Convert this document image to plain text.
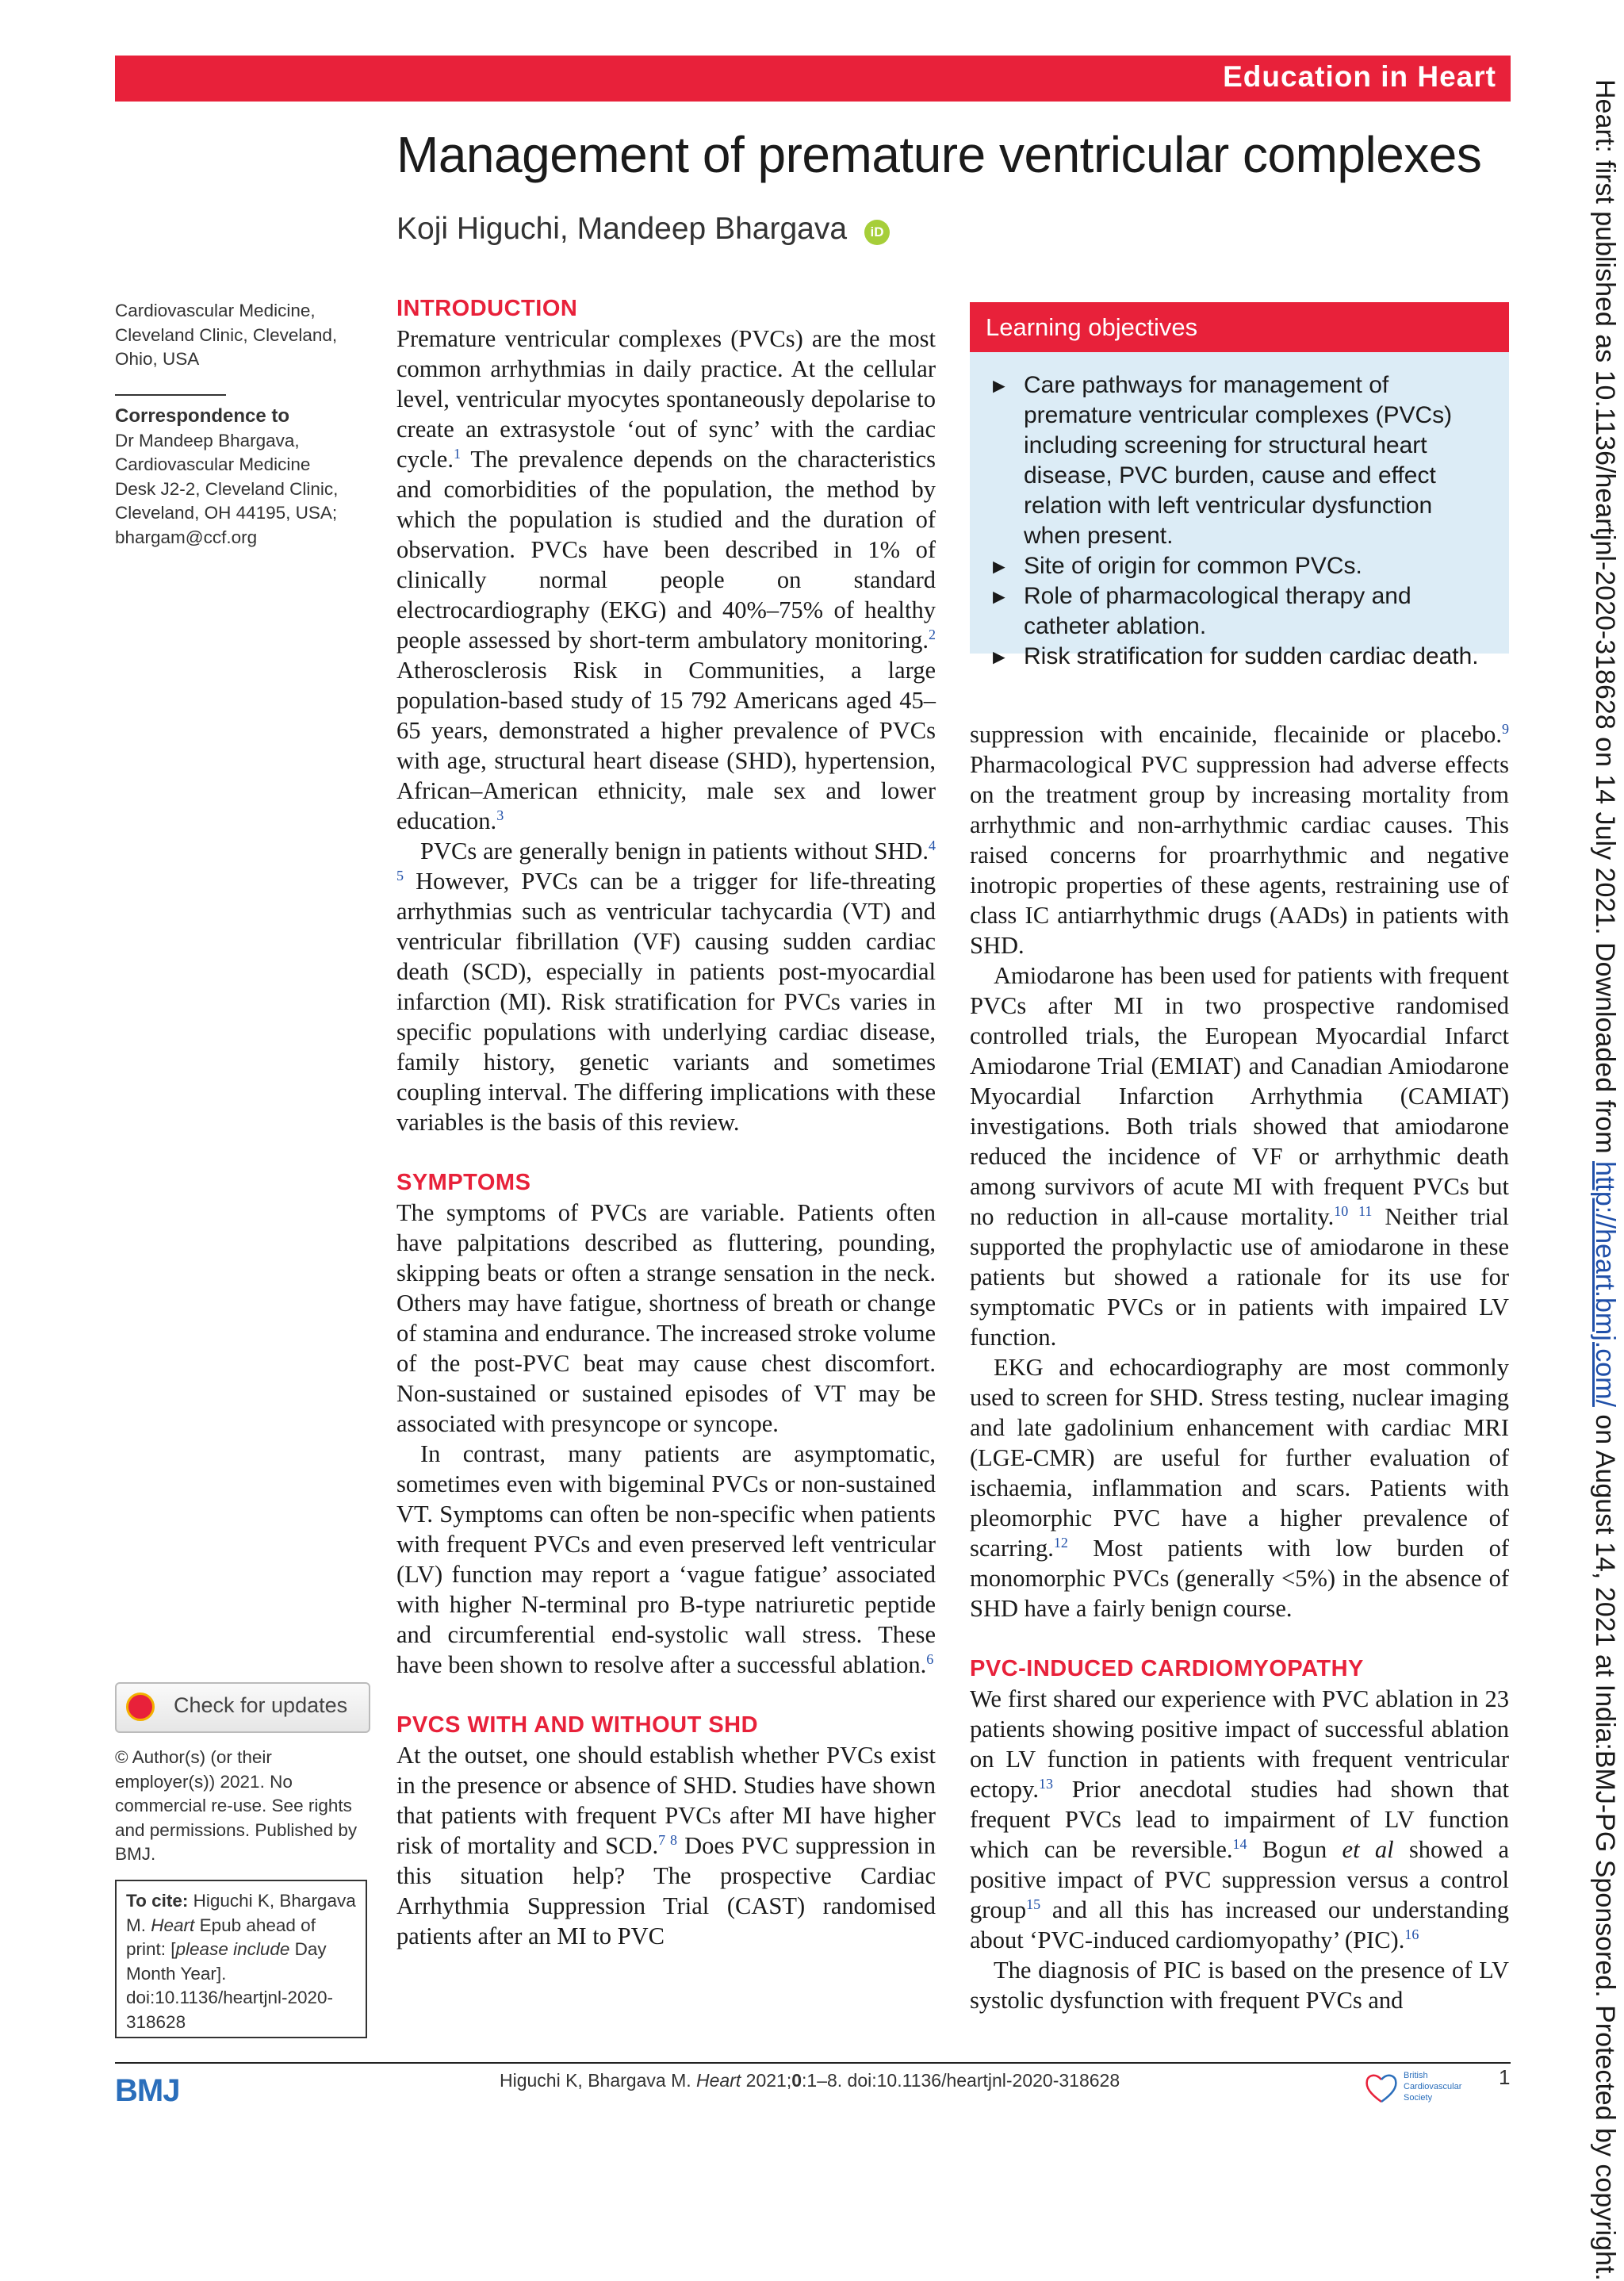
Education in Heart
Management of premature ventricular complexes
Koji Higuchi, Mandeep Bhargava iD
Cardiovascular Medicine, Cleveland Clinic, Cleveland, Ohio, USA
Correspondence to
Dr Mandeep Bhargava, Cardiovascular Medicine Desk J2-2, Cleveland Clinic, Cleveland, OH 44195, USA; bhargam@ccf.org
Check for updates
© Author(s) (or their employer(s)) 2021. No commercial re-use. See rights and permissions. Published by BMJ.
To cite: Higuchi K, Bhargava M. Heart Epub ahead of print: [please include Day Month Year]. doi:10.1136/heartjnl-2020-318628
INTRODUCTION

Premature ventricular complexes (PVCs) are the most common arrhythmias in daily practice. At the cellular level, ventricular myocytes spontaneously depolarise to create an extrasystole ‘out of sync’ with the cardiac cycle.$^1$ The prevalence depends on the characteristics and comorbidities of the population, the method by which the population is studied and the duration of observation. PVCs have been described in 1% of clinically normal people on standard electrocardiography (EKG) and 40%–75% of healthy people assessed by short-term ambulatory monitoring.$^2$ Atherosclerosis Risk in Communities, a large population-based study of 15 792 Americans aged 45–65 years, demonstrated a higher prevalence of PVCs with age, structural heart disease (SHD), hypertension, African–American ethnicity, male sex and lower education.$^3$

PVCs are generally benign in patients without SHD.$^{4 5}$ However, PVCs can be a trigger for life-threating arrhythmias such as ventricular tachycardia (VT) and ventricular fibrillation (VF) causing sudden cardiac death (SCD), especially in patients post-myocardial infarction (MI). Risk stratification for PVCs varies in specific populations with underlying cardiac disease, family history, genetic variants and sometimes coupling interval. The differing implications with these variables is the basis of this review.

SYMPTOMS

The symptoms of PVCs are variable. Patients often have palpitations described as fluttering, pounding, skipping beats or often a strange sensation in the neck. Others may have fatigue, shortness of breath or change of stamina and endurance. The increased stroke volume of the post-PVC beat may cause chest discomfort. Non-sustained or sustained episodes of VT may be associated with presyncope or syncope.

In contrast, many patients are asymptomatic, sometimes even with bigeminal PVCs or non-sustained VT. Symptoms can often be non-specific when patients with frequent PVCs and even preserved left ventricular (LV) function may report a ‘vague fatigue’ associated with higher N-terminal pro B-type natriuretic peptide and circumferential end-systolic wall stress. These have been shown to resolve after a successful ablation.$^6$

PVCS WITH AND WITHOUT SHD

At the outset, one should establish whether PVCs exist in the presence or absence of SHD. Studies have shown that patients with frequent PVCs after MI have higher risk of mortality and SCD.$^{7 8}$ Does PVC suppression in this situation help? The prospective Cardiac Arrhythmia Suppression Trial (CAST) randomised patients after an MI to PVC

Learning objectives
► Care pathways for management of premature ventricular complexes (PVCs) including screening for structural heart disease, PVC burden, cause and effect relation with left ventricular dysfunction when present.
► Site of origin for common PVCs.
► Role of pharmacological therapy and catheter ablation.
► Risk stratification for sudden cardiac death.

suppression with encainide, flecainide or placebo.$^9$ Pharmacological PVC suppression had adverse effects on the treatment group by increasing mortality from arrhythmic and non-arrhythmic cardiac causes. This raised concerns for proarrhythmic and negative inotropic properties of these agents, restraining use of class IC antiarrhythmic drugs (AADs) in patients with SHD.

Amiodarone has been used for patients with frequent PVCs after MI in two prospective randomised controlled trials, the European Myocardial Infarct Amiodarone Trial (EMIAT) and Canadian Amiodarone Myocardial Infarction Arrhythmia (CAMIAT) investigations. Both trials showed that amiodarone reduced the incidence of VF or arrhythmic death among survivors of acute MI with frequent PVCs but no reduction in all-cause mortality.$^{10 11}$ Neither trial supported the prophylactic use of amiodarone in these patients but showed a rationale for its use for symptomatic PVCs or in patients with impaired LV function.

EKG and echocardiography are most commonly used to screen for SHD. Stress testing, nuclear imaging and late gadolinium enhancement with cardiac MRI (LGE-CMR) are useful for further evaluation of ischaemia, inflammation and scars. Patients with pleomorphic PVC have a higher prevalence of scarring.$^{12}$ Most patients with low burden of monomorphic PVCs (generally <5%) in the absence of SHD have a fairly benign course.

PVC-INDUCED CARDIOMYOPATHY

We first shared our experience with PVC ablation in 23 patients showing positive impact of successful ablation on LV function in patients with frequent ventricular ectopy.$^{13}$ Prior anecdotal studies had shown that frequent PVCs lead to impairment of LV function which can be reversible.$^{14}$ Bogun et al showed a positive impact of PVC suppression versus a control group$^{15}$ and all this has increased our understanding about ‘PVC-induced cardiomyopathy’ (PIC).$^{16}$

The diagnosis of PIC is based on the presence of LV systolic dysfunction with frequent PVCs and

BMJ	Higuchi K, Bhargava M. Heart 2021;0:1–8. doi:10.1136/heartjnl-2020-318628	British Cardiovascular Society
1
Heart: first published as 10.1136/heartjnl-2020-318628 on 14 July 2021. Downloaded from http://heart.bmj.com/ on August 14, 2021 at India:BMJ-PG Sponsored. Protected by copyright.
